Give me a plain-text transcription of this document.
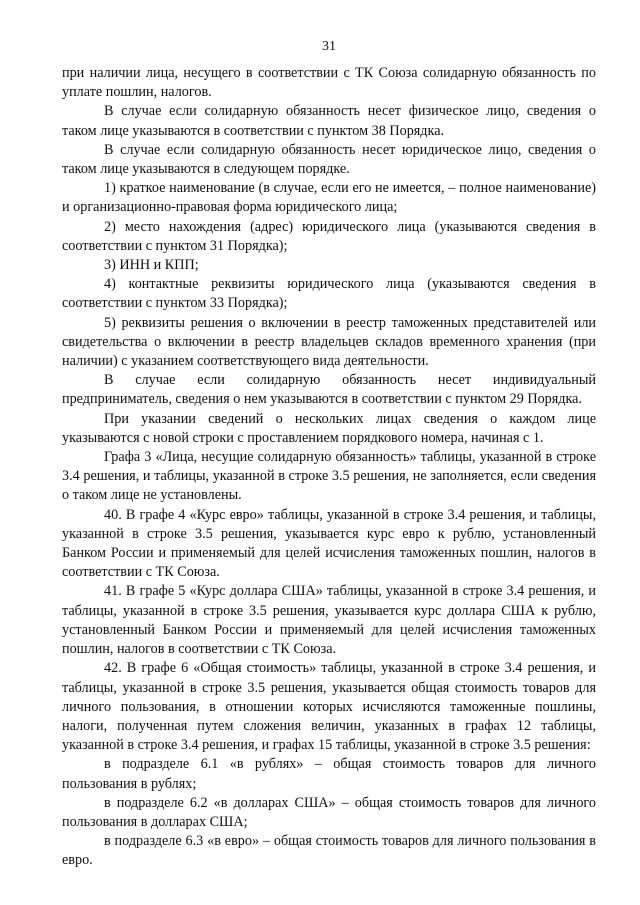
31

при наличии лица, несущего в соответствии с ТК Союза солидарную обязанность по уплате пошлин, налогов.

В случае если солидарную обязанность несет физическое лицо, сведения о таком лице указываются в соответствии с пунктом 38 Порядка.

В случае если солидарную обязанность несет юридическое лицо, сведения о таком лице указываются в следующем порядке.

1) краткое наименование (в случае, если его не имеется, – полное наименование) и организационно-правовая форма юридического лица;

2) место нахождения (адрес) юридического лица (указываются сведения в соответствии с пунктом 31 Порядка);

3) ИНН и КПП;

4) контактные реквизиты юридического лица (указываются сведения в соответствии с пунктом 33 Порядка);

5) реквизиты решения о включении в реестр таможенных представителей или свидетельства о включении в реестр владельцев складов временного хранения (при наличии) с указанием соответствующего вида деятельности.

В случае если солидарную обязанность несет индивидуальный предприниматель, сведения о нем указываются в соответствии с пунктом 29 Порядка.

При указании сведений о нескольких лицах сведения о каждом лице указываются с новой строки с проставлением порядкового номера, начиная с 1.

Графа 3 «Лица, несущие солидарную обязанность» таблицы, указанной в строке 3.4 решения, и таблицы, указанной в строке 3.5 решения, не заполняется, если сведения о таком лице не установлены.

40. В графе 4 «Курс евро» таблицы, указанной в строке 3.4 решения, и таблицы, указанной в строке 3.5 решения, указывается курс евро к рублю, установленный Банком России и применяемый для целей исчисления таможенных пошлин, налогов в соответствии с ТК Союза.

41. В графе 5 «Курс доллара США» таблицы, указанной в строке 3.4 решения, и таблицы, указанной в строке 3.5 решения, указывается курс доллара США к рублю, установленный Банком России и применяемый для целей исчисления таможенных пошлин, налогов в соответствии с ТК Союза.

42. В графе 6 «Общая стоимость» таблицы, указанной в строке 3.4 решения, и таблицы, указанной в строке 3.5 решения, указывается общая стоимость товаров для личного пользования, в отношении которых исчисляются таможенные пошлины, налоги, полученная путем сложения величин, указанных в графах 12 таблицы, указанной в строке 3.4 решения, и графах 15 таблицы, указанной в строке 3.5 решения:

в подразделе 6.1 «в рублях» – общая стоимость товаров для личного пользования в рублях;

в подразделе 6.2 «в долларах США» – общая стоимость товаров для личного пользования в долларах США;

в подразделе 6.3 «в евро» – общая стоимость товаров для личного пользования в евро.
